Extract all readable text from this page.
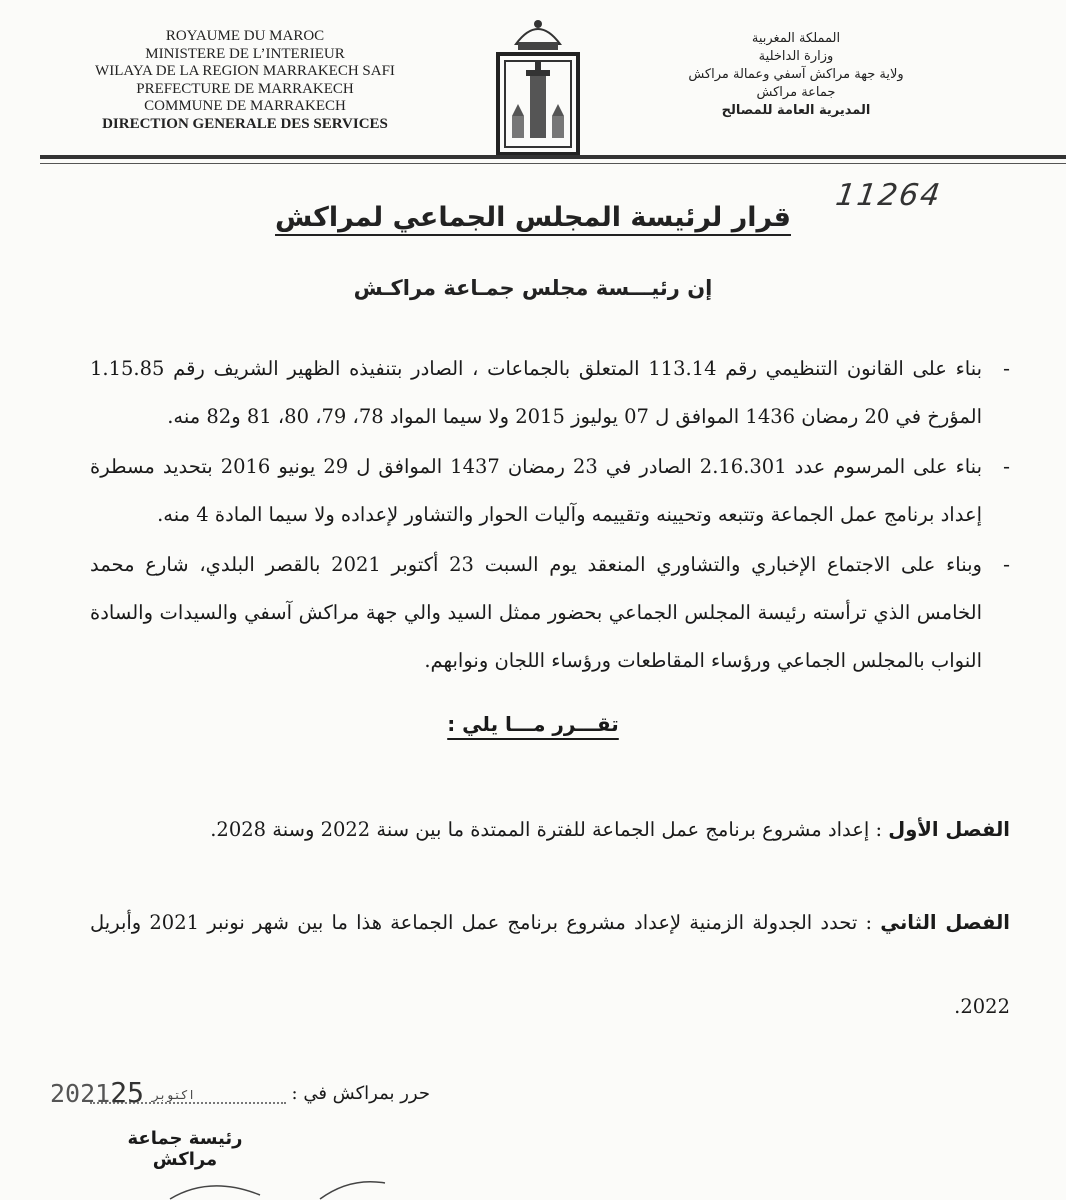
ROYAUME DU MAROC
MINISTERE DE L’INTERIEUR
WILAYA DE LA REGION MARRAKECH SAFI
PREFECTURE DE MARRAKECH
COMMUNE DE MARRAKECH
DIRECTION GENERALE DES SERVICES
المملكة المغربية
وزارة الداخلية
ولاية جهة مراكش آسفي وعمالة مراكش
جماعة مراكش
المديرية العامة للمصالح
11264
قرار لرئيسة المجلس الجماعي لمراكش
إن رئيـــسة مجلس جمـاعة مراكـش
-
بناء على القانون التنظيمي رقم 113.14 المتعلق بالجماعات ، الصادر بتنفيذه الظهير الشريف رقم 1.15.85 المؤرخ في 20 رمضان 1436 الموافق ل 07 يوليوز 2015 ولا سيما المواد 78، 79، 80، 81 و82 منه.
-
بناء على المرسوم عدد 2.16.301 الصادر في 23 رمضان 1437 الموافق ل 29 يونيو 2016 بتحديد مسطرة إعداد برنامج عمل الجماعة وتتبعه وتحيينه وتقييمه وآليات الحوار والتشاور لإعداده ولا سيما المادة 4 منه.
-
وبناء على الاجتماع الإخباري والتشاوري المنعقد يوم السبت 23 أكتوبر 2021 بالقصر البلدي، شارع محمد الخامس الذي ترأسته رئيسة المجلس الجماعي بحضور ممثل السيد والي جهة مراكش آسفي والسيدات والسادة النواب بالمجلس الجماعي ورؤساء المقاطعات ورؤساء اللجان ونوابهم.
تقـــرر مـــا يلي :
الفصل الأول : إعداد مشروع برنامج عمل الجماعة للفترة الممتدة ما بين سنة 2022 وسنة 2028.
الفصل الثاني : تحدد الجدولة الزمنية لإعداد مشروع برنامج عمل الجماعة هذا ما بين شهر نونبر 2021 وأبريل 2022.
حرر بمراكش في :
2021	اكتوبر25
رئيسة جماعة مراكش
